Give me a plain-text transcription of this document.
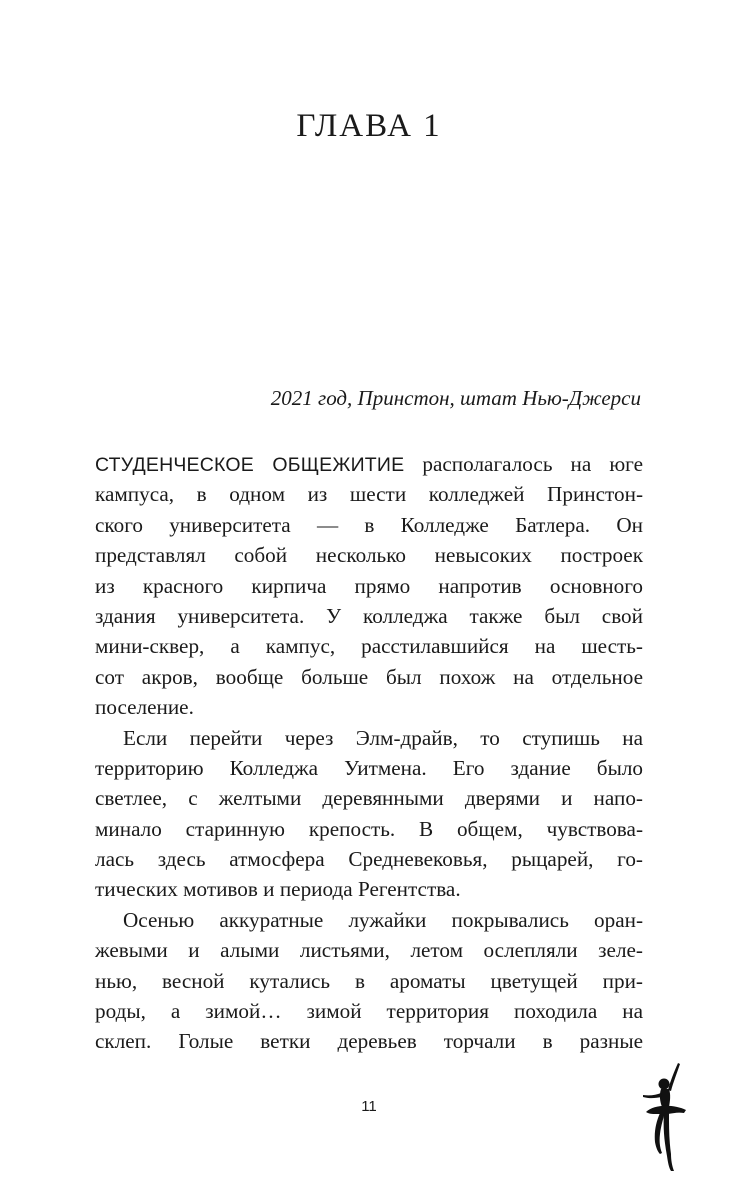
ГЛАВА 1
2021 год, Принстон, штат Нью-Джерси
СТУДЕНЧЕСКОЕ ОБЩЕЖИТИЕ располагалось на юге
кампуса, в одном из шести колледжей Принстон-
ского университета — в Колледже Батлера. Он
представлял собой несколько невысоких построек
из красного кирпича прямо напротив основного
здания университета. У колледжа также был свой
мини-сквер, а кампус, расстилавшийся на шесть-
сот акров, вообще больше был похож на отдельное
поселение.
Если перейти через Элм-драйв, то ступишь на
территорию Колледжа Уитмена. Его здание было
светлее, с желтыми деревянными дверями и напо-
минало старинную крепость. В общем, чувствова-
лась здесь атмосфера Средневековья, рыцарей, го-
тических мотивов и периода Регентства.
Осенью аккуратные лужайки покрывались оран-
жевыми и алыми листьями, летом ослепляли зеле-
нью, весной кутались в ароматы цветущей при-
роды, а зимой… зимой территория походила на
склеп. Голые ветки деревьев торчали в разные
11
